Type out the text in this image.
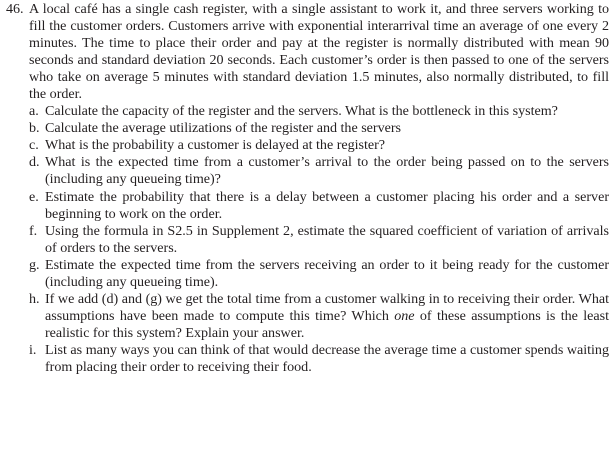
46. A local café has a single cash register, with a single assistant to work it, and three servers working to fill the customer orders. Customers arrive with exponential interarrival time an average of one every 2 minutes. The time to place their order and pay at the register is normally distributed with mean 90 seconds and standard deviation 20 seconds. Each customer’s order is then passed to one of the servers who take on average 5 minutes with standard deviation 1.5 minutes, also normally distributed, to fill the order.

a. Calculate the capacity of the register and the servers. What is the bottleneck in this system?
b. Calculate the average utilizations of the register and the servers
c. What is the probability a customer is delayed at the register?
d. What is the expected time from a customer’s arrival to the order being passed on to the servers (including any queueing time)?
e. Estimate the probability that there is a delay between a customer placing his order and a server beginning to work on the order.
f. Using the formula in S2.5 in Supplement 2, estimate the squared coefficient of variation of arrivals of orders to the servers.
g. Estimate the expected time from the servers receiving an order to it being ready for the customer (including any queueing time).
h. If we add (d) and (g) we get the total time from a customer walking in to receiving their order. What assumptions have been made to compute this time? Which one of these assumptions is the least realistic for this system? Explain your answer.
i. List as many ways you can think of that would decrease the average time a customer spends waiting from placing their order to receiving their food.
